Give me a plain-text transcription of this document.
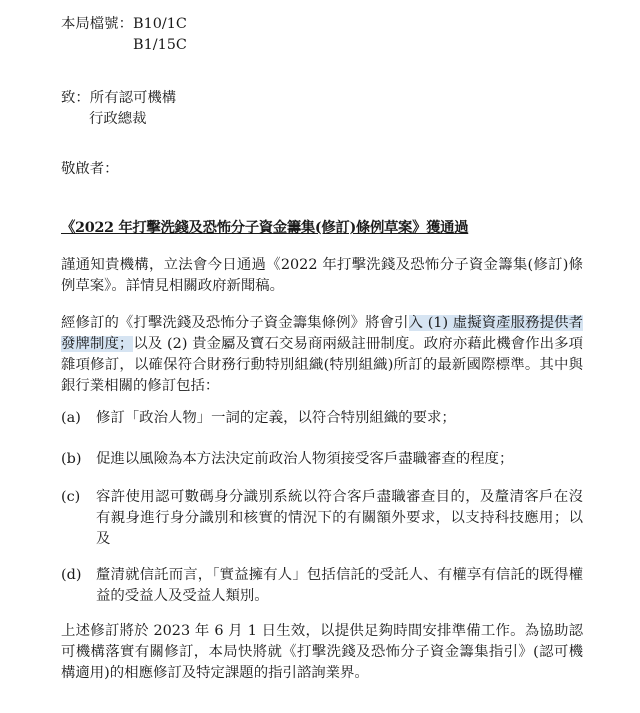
本局檔號：B10/1C
B1/15C
致：所有認可機構
行政總裁
敬啟者：
《2022 年打擊洗錢及恐怖分子資金籌集(修訂)條例草案》獲通過
謹通知貴機構，立法會今日通過《2022 年打擊洗錢及恐怖分子資金籌集(修訂)條例草案》。詳情見相關政府新聞稿。
經修訂的《打擊洗錢及恐怖分子資金籌集條例》將會引入 (1) 虛擬資產服務提供者發牌制度；以及 (2) 貴金屬及寶石交易商兩級註冊制度。政府亦藉此機會作出多項雜項修訂，以確保符合財務行動特別組織(特別組織)所訂的最新國際標準。其中與銀行業相關的修訂包括：
(a) 修訂「政治人物」一詞的定義，以符合特別組織的要求；
(b) 促進以風險為本方法決定前政治人物須接受客戶盡職審查的程度；
(c) 容許使用認可數碼身分識別系統以符合客戶盡職審查目的，及釐清客戶在沒有親身進行身分識別和核實的情況下的有關額外要求，以支持科技應用；以及
(d) 釐清就信託而言，「實益擁有人」包括信託的受託人、有權享有信託的既得權益的受益人及受益人類別。
上述修訂將於 2023 年 6 月 1 日生效，以提供足夠時間安排準備工作。為協助認可機構落實有關修訂，本局快將就《打擊洗錢及恐怖分子資金籌集指引》(認可機構適用)的相應修訂及特定課題的指引諮詢業界。
